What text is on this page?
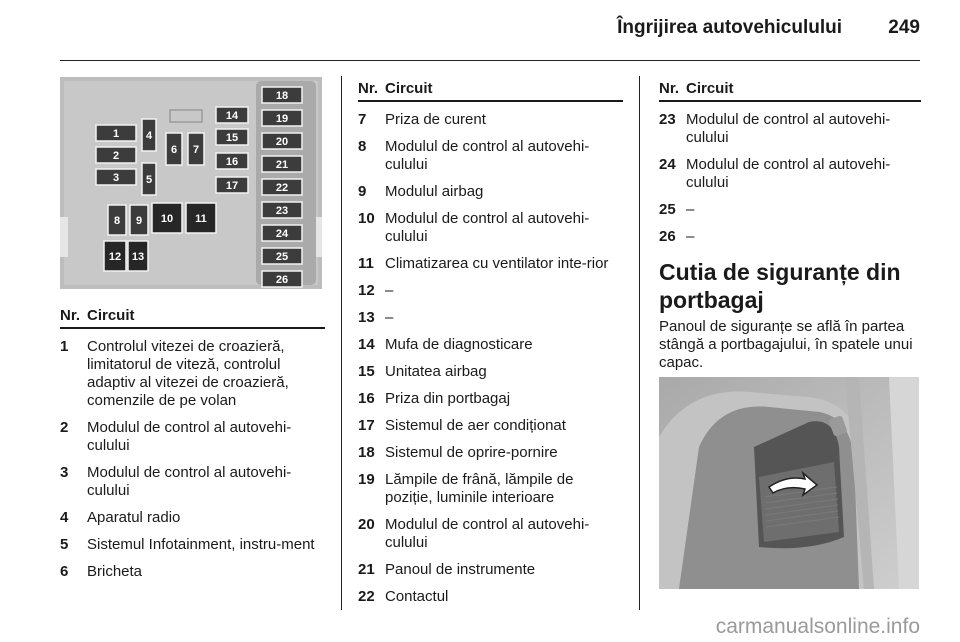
Îngrijirea autovehiculului 249
1
2
3
4
5
6 7
8 9 10 11
12 13
14
15
16
17
18
19
20
21
22
23
24
25
26
Nr. Circuit
1	Controlul vitezei de croazieră, limitatorul de viteză, controlul adaptiv al vitezei de croazieră, comenzile de pe volan
2	Modulul de control al autovehi-culului
3	Modulul de control al autovehi-culului
4	Aparatul radio
5	Sistemul Infotainment, instru-ment
6	Bricheta
Nr. Circuit
7	Priza de curent
8	Modulul de control al autovehi-culului
9	Modulul airbag
10 Modulul de control al autovehi-culului
11 Climatizarea cu ventilator inte-rior
12 –
13 –
14 Mufa de diagnosticare
15 Unitatea airbag
16 Priza din portbagaj
17 Sistemul de aer condiționat
18 Sistemul de oprire-pornire
19 Lămpile de frână, lămpile de poziție, luminile interioare
20 Modulul de control al autovehi-culului
21 Panoul de instrumente
22 Contactul
Nr. Circuit
23 Modulul de control al autovehi-culului
24 Modulul de control al autovehi-culului
25 –
26 –
Cutia de siguranțe din portbagaj
Panoul de siguranțe se află în partea stângă a portbagajului, în spatele unui capac.
carmanualsonline.info
